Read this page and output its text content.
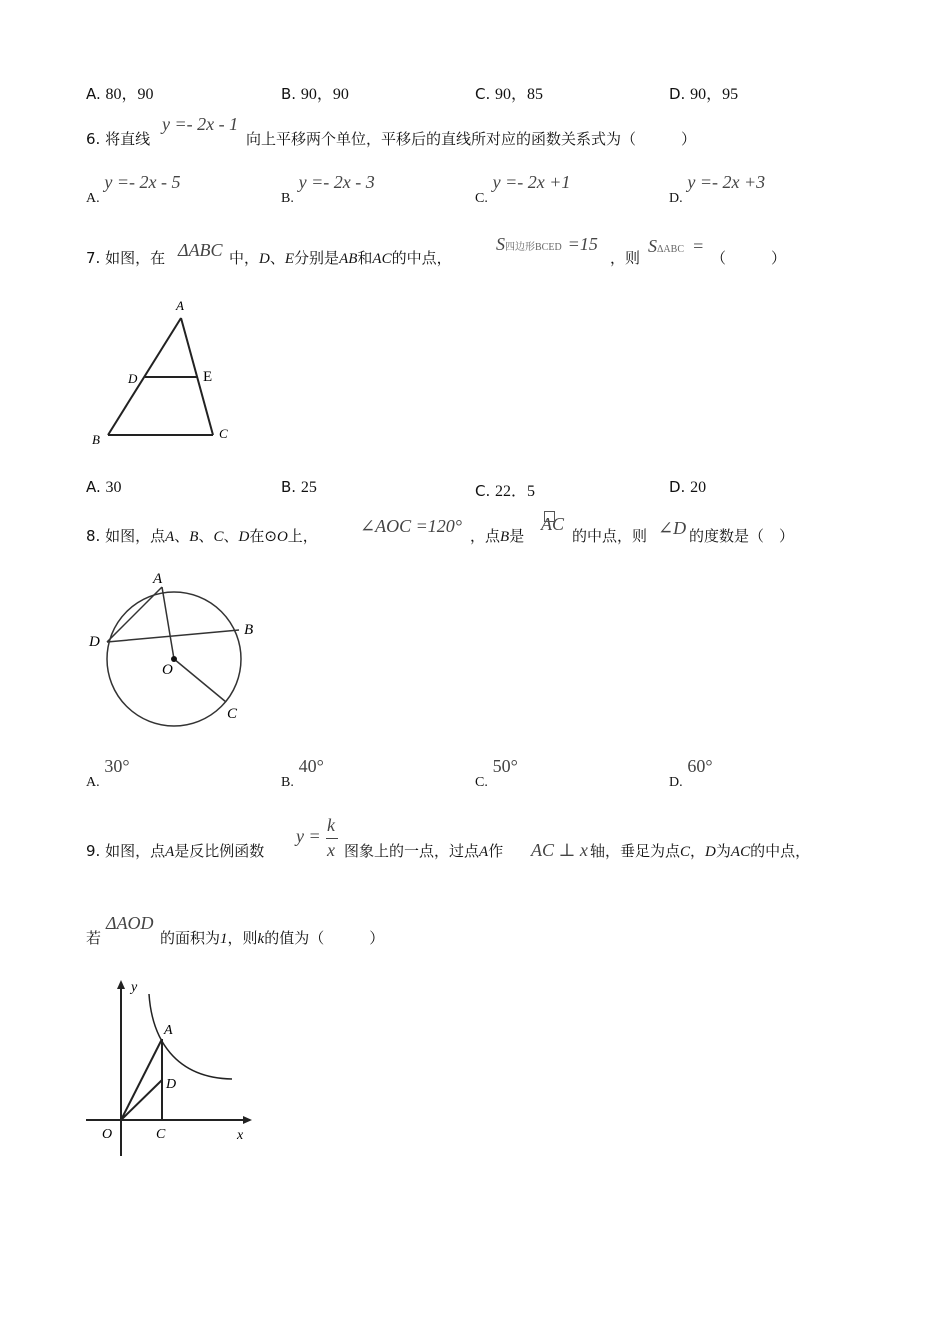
A. 80，90	B. 90，90	C. 90，85	D. 90，95
6. 将直线
y =- 2x - 1
向上平移两个单位，平移后的直线所对应的函数关系式为（　　　）
A. y =- 2x - 5
B. y =- 2x - 3
C. y =- 2x +1
D. y =- 2x +3
7. 如图，在 ΔABC 中，D、E分别是AB和AC的中点，
S四边形BCED =15
，则
SΔABC =
（　　　）
A
D	E
B	C
A. 30	B. 25	C. 22．5	D. 20
8. 如图，点A、B、C、D在⊙O上， ∠AOC =120° ，点B是
AC
的中点，则 ∠D 的度数是（　）
A
D
B
O
C
A. 30°
B. 40°
C. 50°
D. 60°
9. 如图，点A是反比例函数
y =
k
x 图象上的一点，过点A作 AC ⊥ x 轴，垂足为点C，D为AC的中点，
若
ΔAOD
的面积为1，则k的值为（　　　）
y
x
A
D
O	C
